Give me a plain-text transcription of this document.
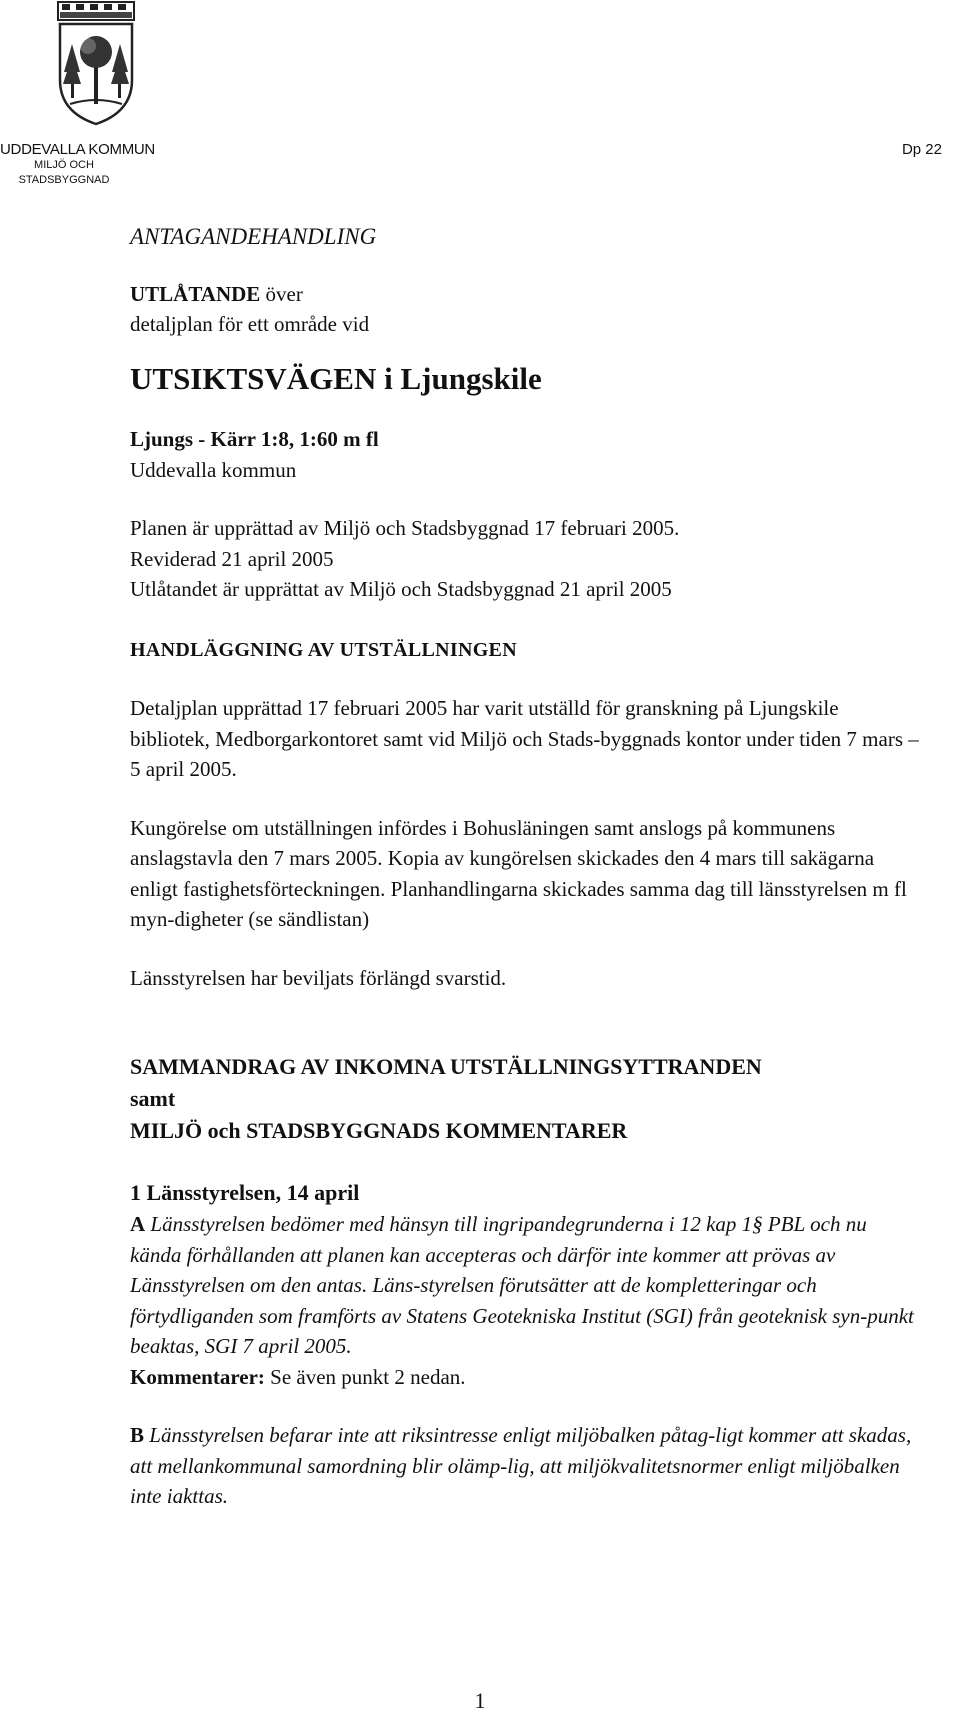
UDDEVALLA KOMMUN
MILJÖ OCH
STADSBYGGNAD
Dp 22

ANTAGANDEHANDLING

UTLÅTANDE över

detaljplan för ett område vid

UTSIKTSVÄGEN i Ljungskile

Ljungs - Kärr 1:8, 1:60 m fl

Uddevalla kommun

Planen är upprättad av Miljö och Stadsbyggnad 17 februari 2005.

Reviderad 21 april 2005

Utlåtandet är upprättat av Miljö och Stadsbyggnad 21 april 2005

HANDLÄGGNING AV UTSTÄLLNINGEN

Detaljplan upprättad 17 februari 2005 har varit utställd för granskning på Ljungskile bibliotek, Medborgarkontoret samt vid Miljö och Stads-byggnads kontor under tiden 7 mars – 5 april 2005.

Kungörelse om utställningen infördes i Bohusläningen samt anslogs på kommunens anslagstavla den 7 mars 2005. Kopia av kungörelsen skickades den 4 mars till sakägarna enligt fastighetsförteckningen. Planhandlingarna skickades samma dag till länsstyrelsen m fl myn-digheter (se sändlistan)

Länsstyrelsen har beviljats förlängd svarstid.

SAMMANDRAG AV INKOMNA UTSTÄLLNINGSYTTRANDEN

samt

MILJÖ och STADSBYGGNADS KOMMENTARER

1 Länsstyrelsen, 14 april

A Länsstyrelsen bedömer med hänsyn till ingripandegrunderna i 12 kap 1§ PBL och nu kända förhållanden att planen kan accepteras och därför inte kommer att prövas av Länsstyrelsen om den antas. Läns-styrelsen förutsätter att de kompletteringar och förtydliganden som framförts av Statens Geotekniska Institut (SGI) från geoteknisk syn-punkt beaktas, SGI 7 april 2005.

Kommentarer: Se även punkt 2 nedan.

B Länsstyrelsen befarar inte att riksintresse enligt miljöbalken påtag-ligt kommer att skadas, att mellankommunal samordning blir olämp-lig, att miljökvalitetsnormer enligt miljöbalken inte iakttas.

1
